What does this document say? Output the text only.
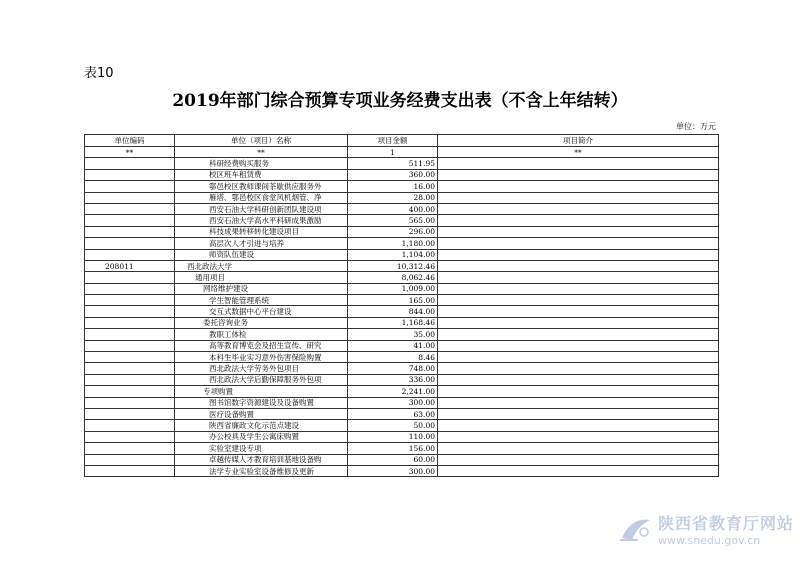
表10
2019年部门综合预算专项业务经费支出表（不含上年结转）
单位：万元
单位编码	单位（项目）名称	项目金额	项目简介
**	**	1	**
	科研经费购买服务	511.95	
	校区班车租赁费	360.00	
	鄠邑校区教师课间茶歇供应服务外	16.00	
	雁塔、鄠邑校区食堂风机烟管、净	28.00	
	西安石油大学科研创新团队建设项	400.00	
	西安石油大学高水平科研成果激励	565.00	
	科技成果转移转化建设项目	296.00	
	高层次人才引进与培养	1,180.00	
	师资队伍建设	1,104.00	
208011	西北政法大学	10,312.46	
	通用项目	8,062.46	
	网络维护建设	1,009.00	
	学生智能管理系统	165.00	
	交互式数据中心平台建设	844.00	
	委托咨询业务	1,168.46	
	教职工体检	35.00	
	高等教育博览会及招生宣传、研究	41.00	
	本科生毕业实习意外伤害保险购置	8.46	
	西北政法大学劳务外包项目	748.00	
	西北政法大学后勤保障服务外包项	336.00	
	专项购置	2,241.00	
	图书馆数字资源建设及设备购置	300.00	
	医疗设备购置	63.00	
	陕西省廉政文化示范点建设	50.00	
	办公校具及学生公寓床购置	110.00	
	实验室建设专项	156.00	
	卓越传媒人才教育培训基地设备购	60.00	
	法学专业实验室设备维修及更新	300.00	
陕西省教育厅网站
www.snedu.gov.cn
